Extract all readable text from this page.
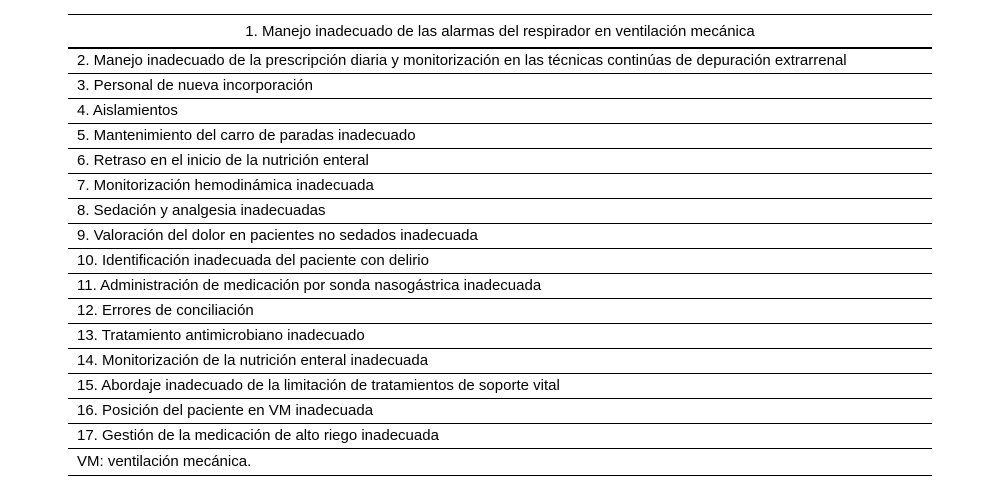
1. Manejo inadecuado de las alarmas del respirador en ventilación mecánica
2. Manejo inadecuado de la prescripción diaria y monitorización en las técnicas continúas de depuración extrarrenal
3. Personal de nueva incorporación
4. Aislamientos
5. Mantenimiento del carro de paradas inadecuado
6. Retraso en el inicio de la nutrición enteral
7. Monitorización hemodinámica inadecuada
8. Sedación y analgesia inadecuadas
9. Valoración del dolor en pacientes no sedados inadecuada
10. Identificación inadecuada del paciente con delirio
11. Administración de medicación por sonda nasogástrica inadecuada
12. Errores de conciliación
13. Tratamiento antimicrobiano inadecuado
14. Monitorización de la nutrición enteral inadecuada
15. Abordaje inadecuado de la limitación de tratamientos de soporte vital
16. Posición del paciente en VM inadecuada
17. Gestión de la medicación de alto riego inadecuada
VM: ventilación mecánica.
